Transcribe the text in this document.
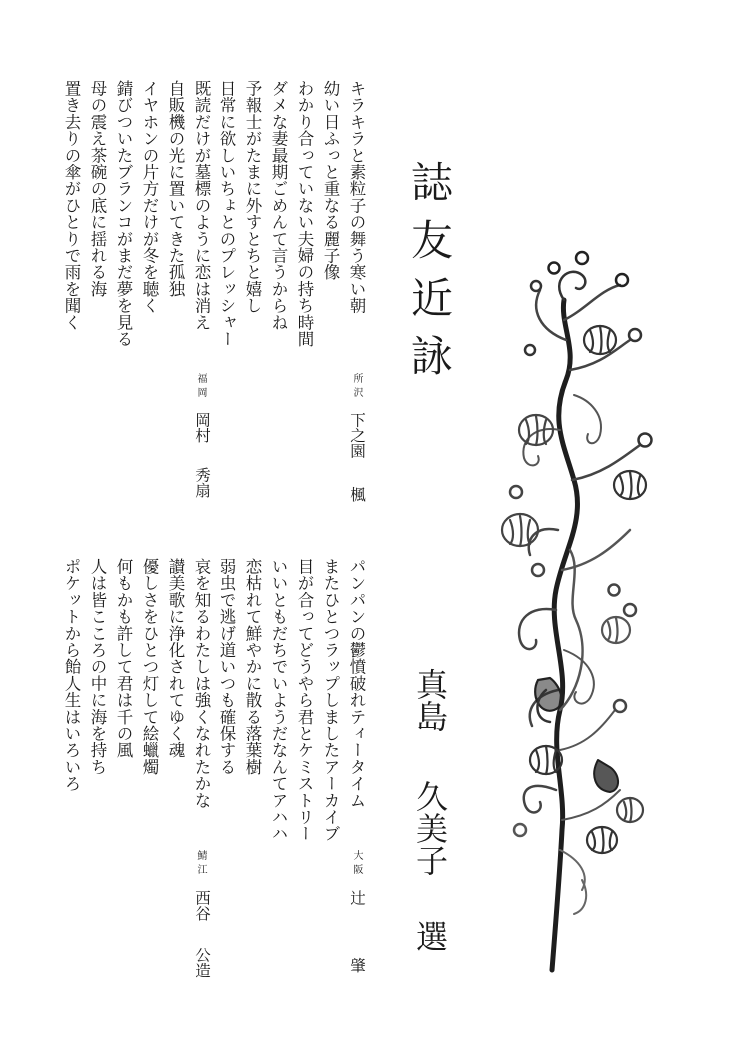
誌友近詠
真島久美子選
キラキラと素粒子の舞う寒い朝
幼い日ふっと重なる麗子像
わかり合っていない夫婦の持ち時間
ダメな妻最期ごめんて言うからね
予報士がたまに外すとちと嬉し
日常に欲しいちょとのプレッシャー
所沢
下之園楓
既読だけが墓標のように恋は消え
自販機の光に置いてきた孤独
イヤホンの片方だけが冬を聴く
錆びついたブランコがまだ夢を見る
母の震え茶碗の底に揺れる海
置き去りの傘がひとりで雨を聞く
福岡
岡村秀扇
パンパンの鬱憤破れティータイム
またひとつラップしましたアーカイブ
目が合ってどうやら君とケミストリー
いいともだちでいようだなんてアハハ
恋枯れて鮮やかに散る落葉樹
弱虫で逃げ道いつも確保する
大阪
辻肇
哀を知るわたしは強くなれたかな
讃美歌に浄化されてゆく魂
優しさをひとつ灯して絵蠟燭
何もかも許して君は千の風
人は皆こころの中に海を持ち
ポケットから飴人生はいろいろ
鯖江
西谷公造
